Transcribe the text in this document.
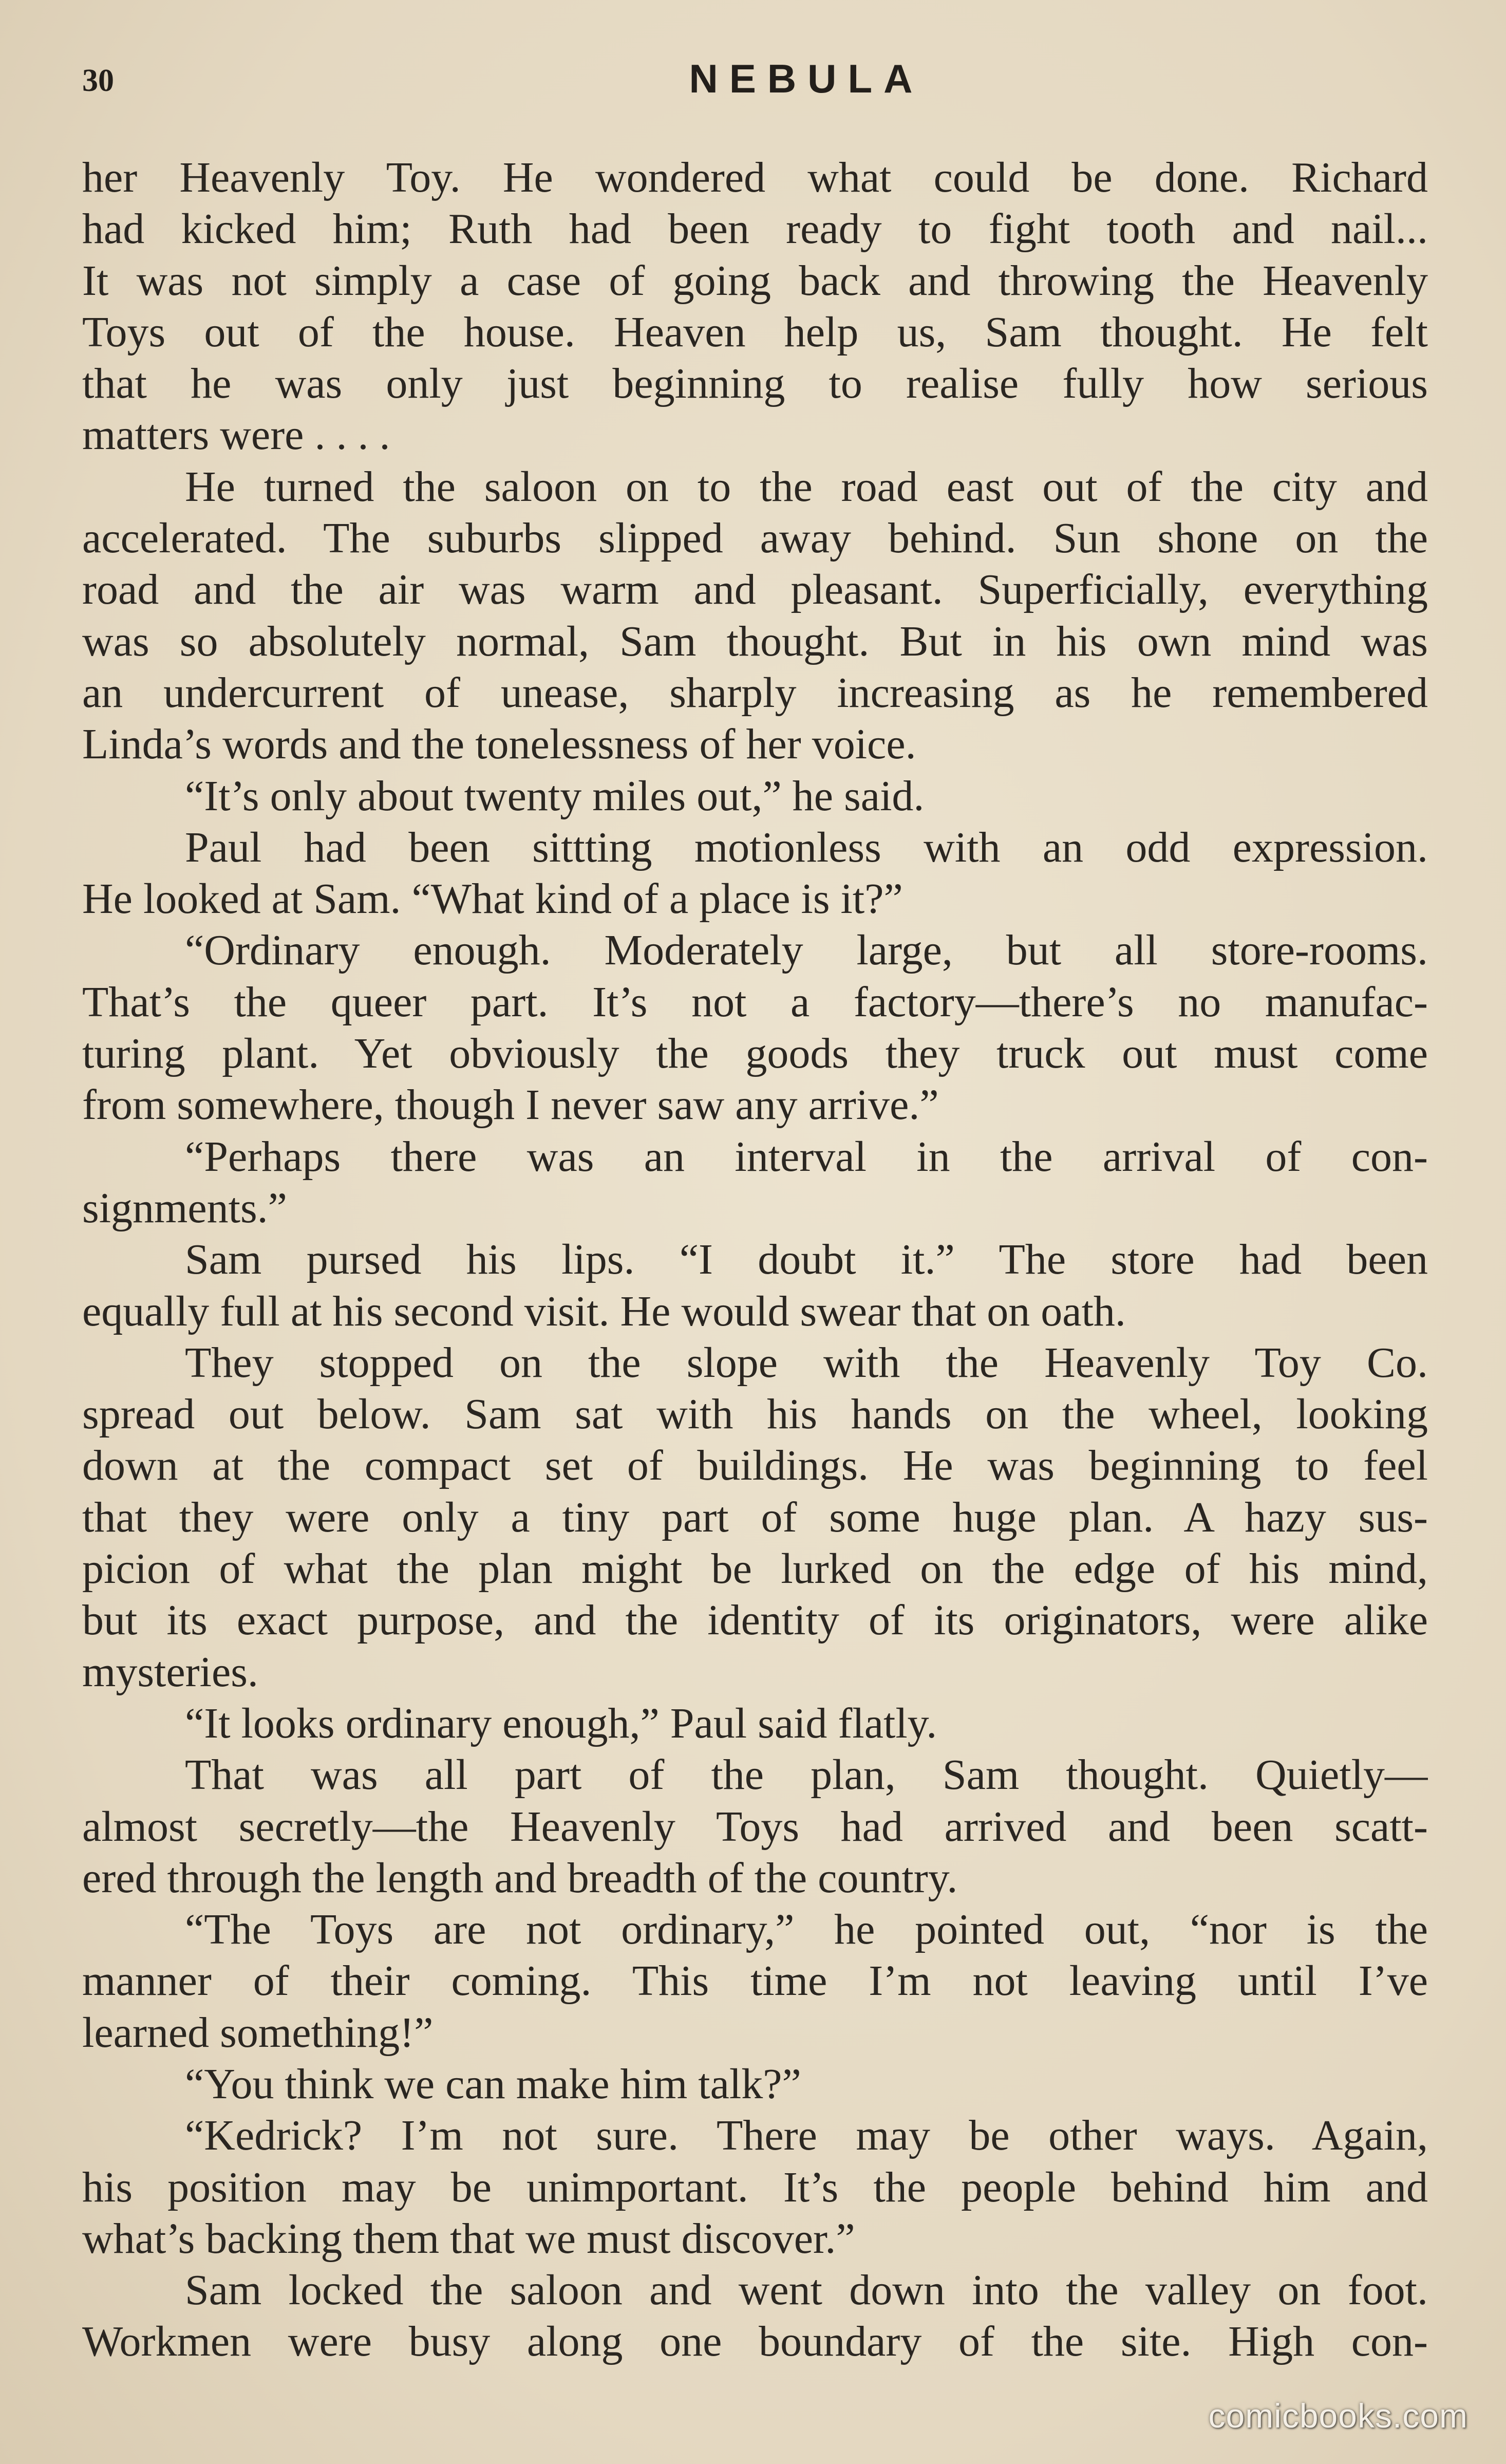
30	NEBULA
her Heavenly Toy. He wondered what could be done. Richard
had kicked him; Ruth had been ready to fight tooth and nail...
It was not simply a case of going back and throwing the Heavenly
Toys out of the house. Heaven help us, Sam thought. He felt
that he was only just beginning to realise fully how serious
matters were . . . .
He turned the saloon on to the road east out of the city and
accelerated. The suburbs slipped away behind. Sun shone on the
road and the air was warm and pleasant. Superficially, everything
was so absolutely normal, Sam thought. But in his own mind was
an undercurrent of unease, sharply increasing as he remembered
Linda’s words and the tonelessness of her voice.
“It’s only about twenty miles out,” he said.
Paul had been sittting motionless with an odd expression.
He looked at Sam. “What kind of a place is it?”
“Ordinary enough. Moderately large, but all store-rooms.
That’s the queer part. It’s not a factory—there’s no manufac-
turing plant. Yet obviously the goods they truck out must come
from somewhere, though I never saw any arrive.”
“Perhaps there was an interval in the arrival of con-
signments.”
Sam pursed his lips. “I doubt it.” The store had been
equally full at his second visit. He would swear that on oath.
They stopped on the slope with the Heavenly Toy Co.
spread out below. Sam sat with his hands on the wheel, looking
down at the compact set of buildings. He was beginning to feel
that they were only a tiny part of some huge plan. A hazy sus-
picion of what the plan might be lurked on the edge of his mind,
but its exact purpose, and the identity of its originators, were alike
mysteries.
“It looks ordinary enough,” Paul said flatly.
That was all part of the plan, Sam thought. Quietly—
almost secretly—the Heavenly Toys had arrived and been scatt-
ered through the length and breadth of the country.
“The Toys are not ordinary,” he pointed out, “nor is the
manner of their coming. This time I’m not leaving until I’ve
learned something!”
“You think we can make him talk?”
“Kedrick? I’m not sure. There may be other ways. Again,
his position may be unimportant. It’s the people behind him and
what’s backing them that we must discover.”
Sam locked the saloon and went down into the valley on foot.
Workmen were busy along one boundary of the site. High con-
comicbooks.com
